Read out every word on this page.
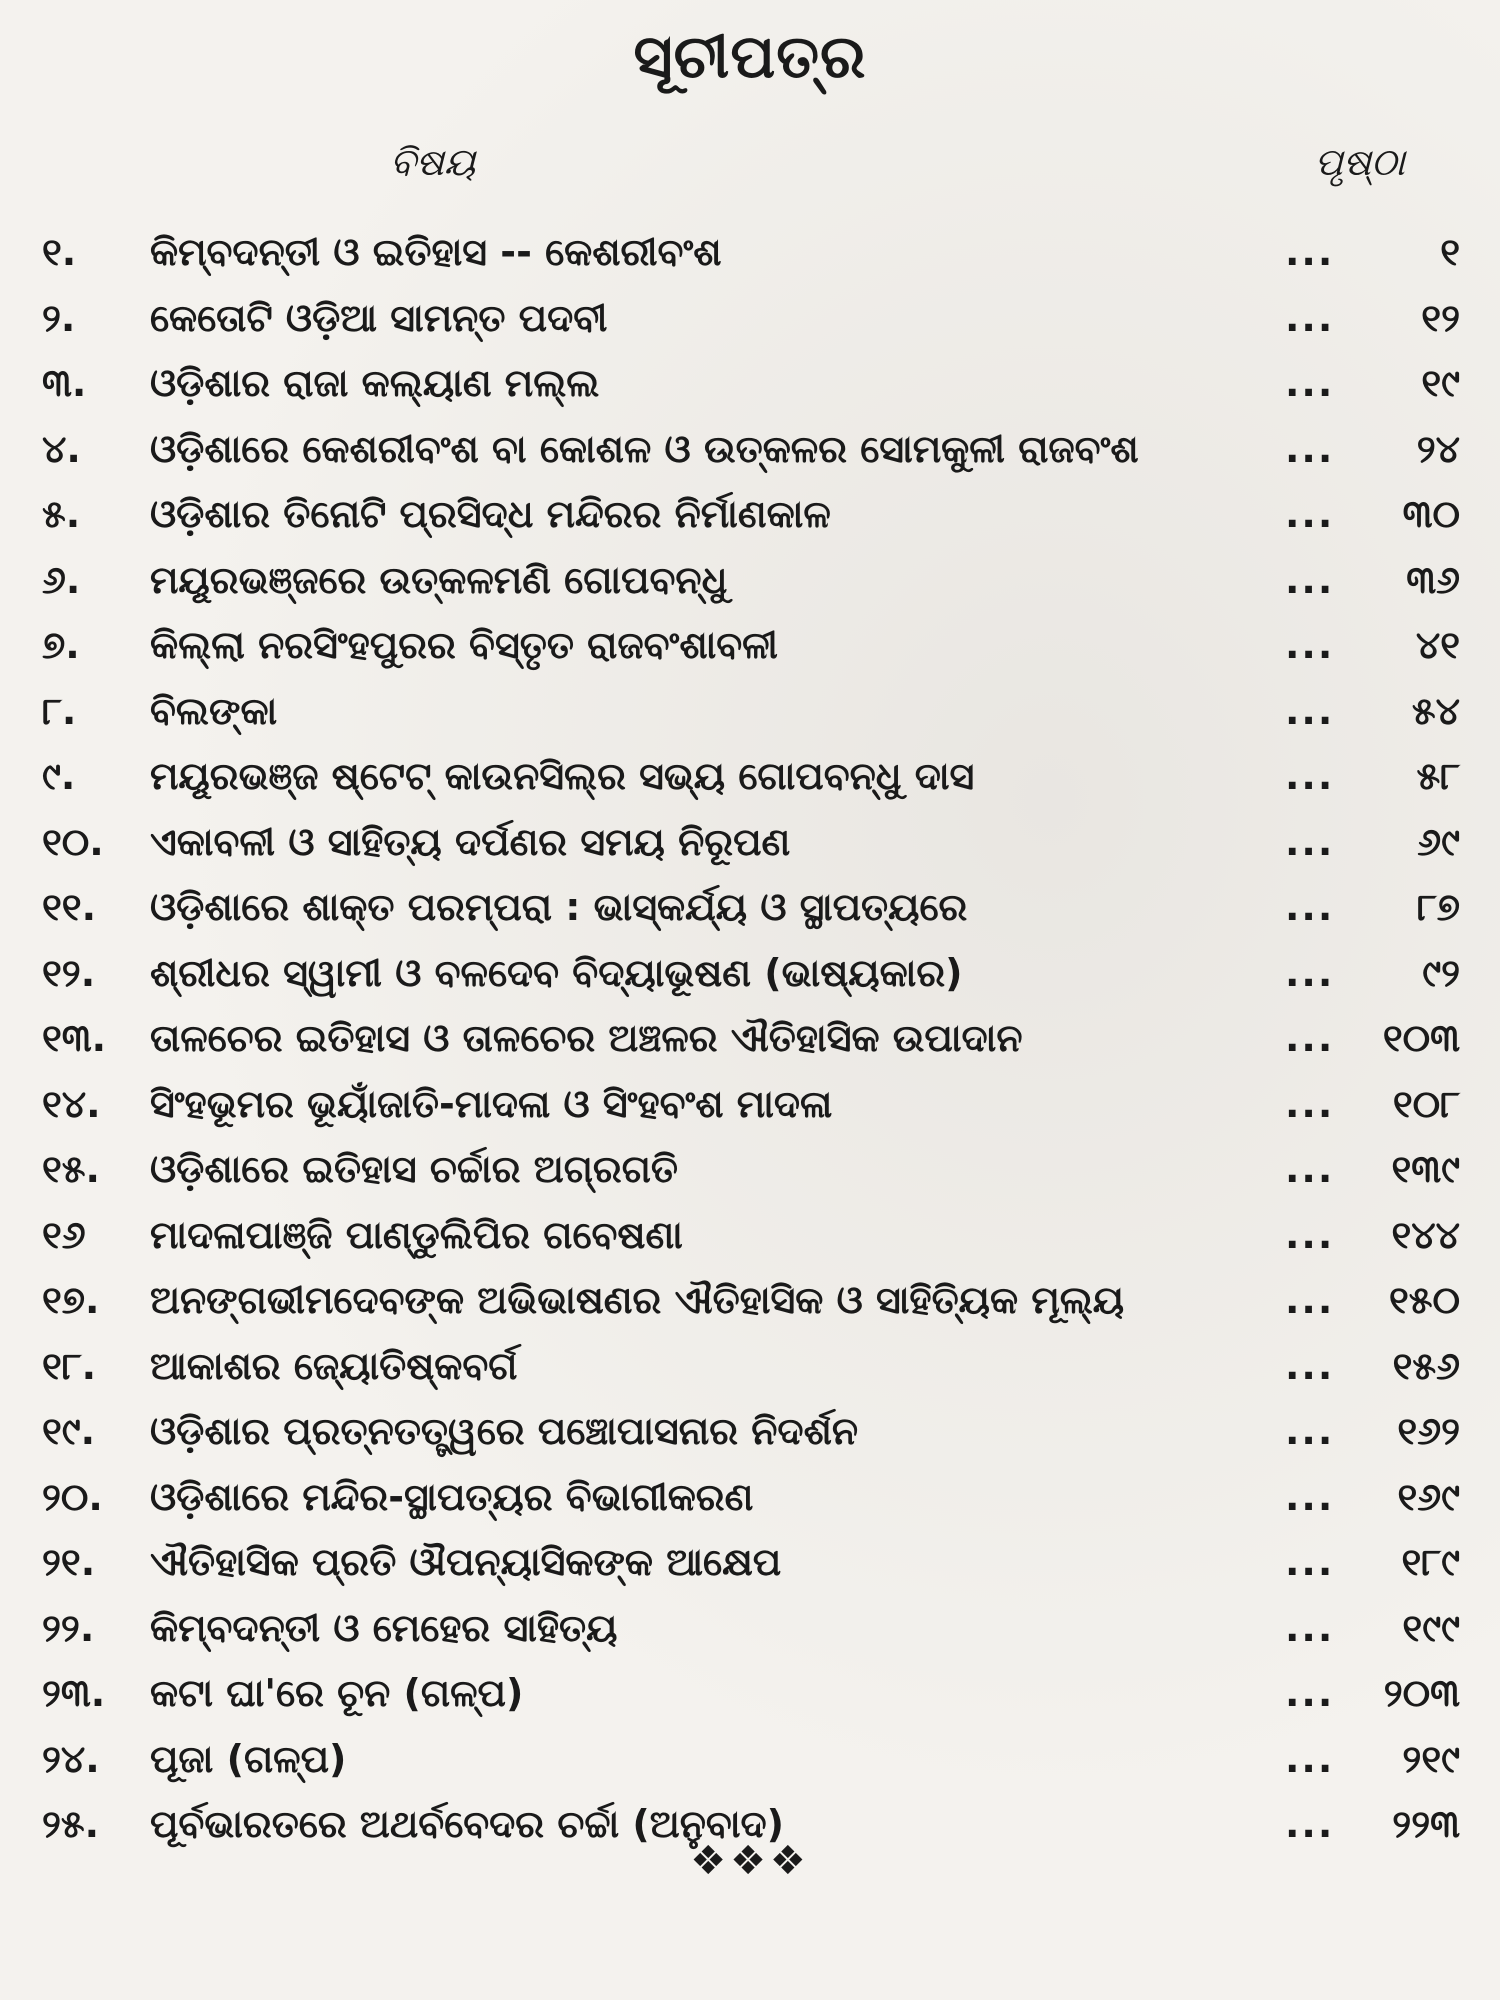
ସୂଚୀପତ୍ର
ବିଷୟ	ପୃଷ୍ଠା
୧.	କିମ୍ବଦନ୍ତୀ ଓ ଇତିହାସ -- କେଶରୀବଂଶ	...	୧
୨.	କେତୋଟି ଓଡ଼ିଆ ସାମନ୍ତ ପଦବୀ	...	୧୨
୩.	ଓଡ଼ିଶାର ରାଜା କଲ୍ୟାଣ ମଲ୍ଲ	...	୧୯
୪.	ଓଡ଼ିଶାରେ କେଶରୀବଂଶ ବା କୋଶଳ ଓ ଉତ୍କଳର ସୋମକୁଳୀ ରାଜବଂଶ	...	୨୪
୫.	ଓଡ଼ିଶାର ତିନୋଟି ପ୍ରସିଦ୍ଧ ମନ୍ଦିରର ନିର୍ମାଣକାଳ	...	୩୦
୬.	ମୟୂରଭଞ୍ଜରେ ଉତ୍କଳମଣି ଗୋପବନ୍ଧୁ	...	୩୬
୭.	କିଲ୍ଲା ନରସିଂହପୁରର ବିସ୍ତୃତ ରାଜବଂଶାବଳୀ	...	୪୧
୮.	ବିଲଙ୍କା	...	୫୪
୯.	ମୟୂରଭଞ୍ଜ ଷ୍ଟେଟ୍ କାଉନସିଲ୍ର ସଭ୍ୟ ଗୋପବନ୍ଧୁ ଦାସ	...	୫୮
୧୦.	ଏକାବଳୀ ଓ ସାହିତ୍ୟ ଦର୍ପଣର ସମୟ ନିରୂପଣ	...	୬୯
୧୧.	ଓଡ଼ିଶାରେ ଶାକ୍ତ ପରମ୍ପରା : ଭାସ୍କର୍ଯ୍ୟ ଓ ସ୍ଥାପତ୍ୟରେ	...	୮୭
୧୨.	ଶ୍ରୀଧର ସ୍ୱାମୀ ଓ ବଳଦେବ ବିଦ୍ୟାଭୂଷଣ (ଭାଷ୍ୟକାର)	...	୯୨
୧୩.	ତାଳଚେର ଇତିହାସ ଓ ତାଳଚେର ଅଞ୍ଚଳର ଐତିହାସିକ ଉପାଦାନ	...	୧୦୩
୧୪.	ସିଂହଭୂମର ଭୂୟାଁଜାତି-ମାଦଳା ଓ ସିଂହବଂଶ ମାଦଳା	...	୧୦୮
୧୫.	ଓଡ଼ିଶାରେ ଇତିହାସ ଚର୍ଚ୍ଚାର ଅଗ୍ରଗତି	...	୧୩୯
୧୬	ମାଦଳାପାଞ୍ଜି ପାଣ୍ଡୁଲିପିର ଗବେଷଣା	...	୧୪୪
୧୭.	ଅନଙ୍ଗଭୀମଦେବଙ୍କ ଅଭିଭାଷଣର ଐତିହାସିକ ଓ ସାହିତ୍ୟିକ ମୂଲ୍ୟ	...	୧୫୦
୧୮.	ଆକାଶର ଜ୍ୟୋତିଷ୍କବର୍ଗ	...	୧୫୬
୧୯.	ଓଡ଼ିଶାର ପ୍ରତ୍ନତତ୍ତ୍ୱରେ ପଞ୍ଚୋପାସନାର ନିଦର୍ଶନ	...	୧୬୨
୨୦.	ଓଡ଼ିଶାରେ ମନ୍ଦିର-ସ୍ଥାପତ୍ୟର ବିଭାଗୀକରଣ	...	୧୬୯
୨୧.	ଐତିହାସିକ ପ୍ରତି ଔପନ୍ୟାସିକଙ୍କ ଆକ୍ଷେପ	...	୧୮୯
୨୨.	କିମ୍ବଦନ୍ତୀ ଓ ମେହେର ସାହିତ୍ୟ	...	୧୯୯
୨୩.	କଟା ଘା'ରେ ଚୂନ (ଗଳ୍ପ)	...	୨୦୩
୨୪.	ପୂଜା (ଗଳ୍ପ)	...	୨୧୯
୨୫.	ପୂର୍ବଭାରତରେ ଅଥର୍ବବେଦର ଚର୍ଚ୍ଚା (ଅନୁବାଦ)	...	୨୨୩
❖❖❖
